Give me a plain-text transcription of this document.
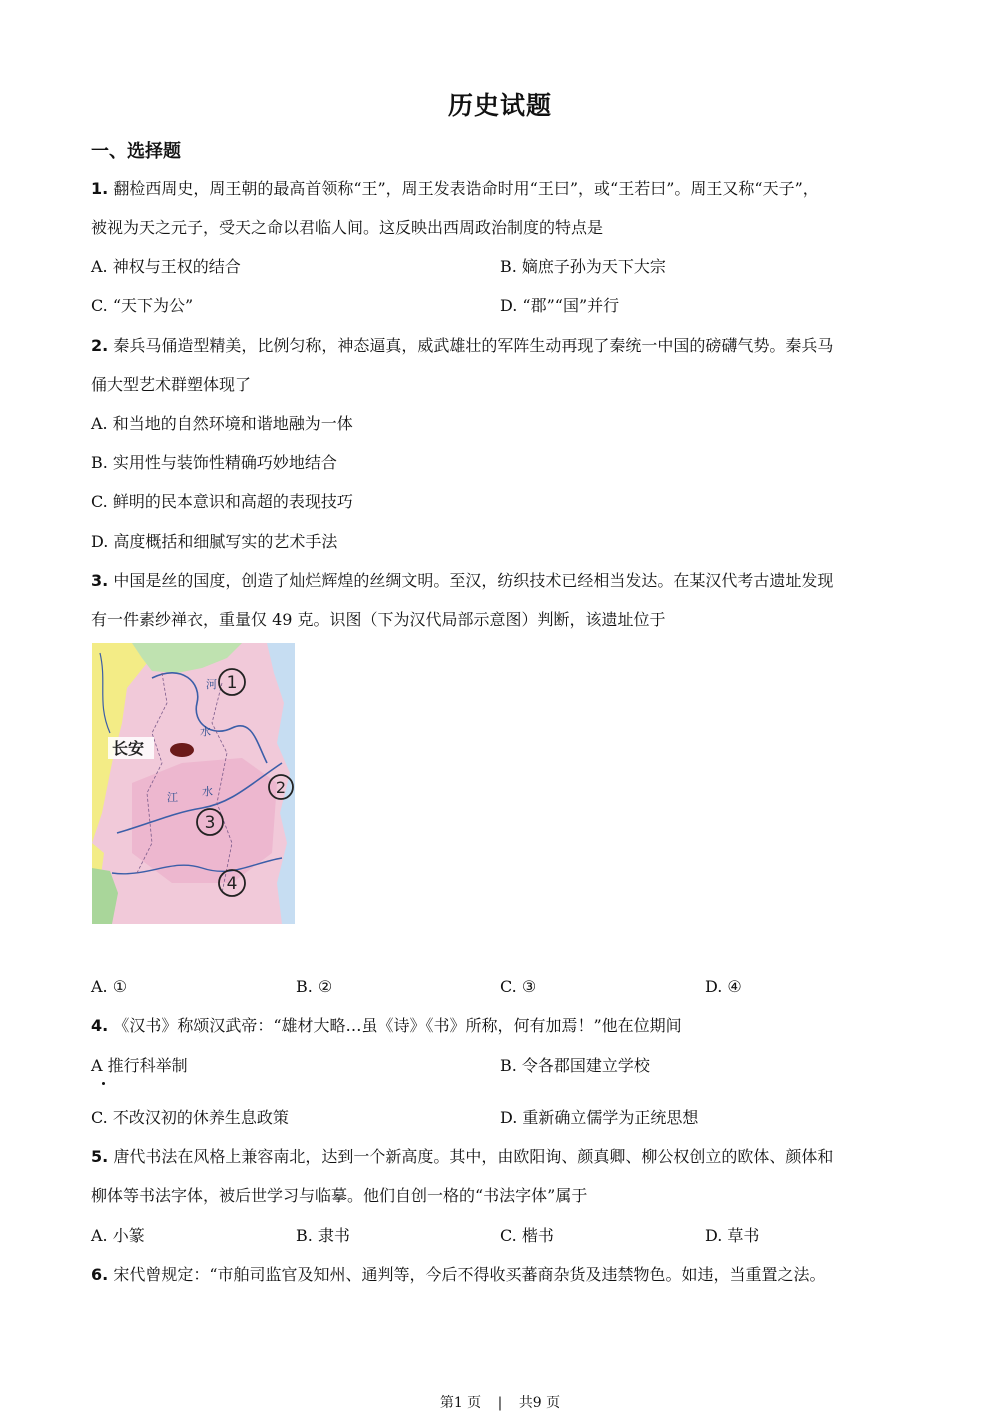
历史试题
一、选择题
1. 翻检西周史，周王朝的最高首领称“王”，周王发表诰命时用“王曰”，或“王若曰”。周王又称“天子”，
被视为天之元子，受天之命以君临人间。这反映出西周政治制度的特点是
A. 神权与王权的结合	B. 嫡庶子孙为天下大宗
C. “天下为公”	D. “郡”“国”并行
2. 秦兵马俑造型精美，比例匀称，神态逼真，威武雄壮的军阵生动再现了秦统一中国的磅礴气势。秦兵马
俑大型艺术群塑体现了
A. 和当地的自然环境和谐地融为一体
B. 实用性与装饰性精确巧妙地结合
C. 鲜明的民本意识和高超的表现技巧
D. 高度概括和细腻写实的艺术手法
3. 中国是丝的国度，创造了灿烂辉煌的丝绸文明。至汉，纺织技术已经相当发达。在某汉代考古遗址发现
有一件素纱禅衣，重量仅 49 克。识图（下为汉代局部示意图）判断，该遗址位于
长安
河
水
江 水
1
2
3
4
A. ①	B. ②	C. ③	D. ④
4. 《汉书》称颂汉武帝：“雄材大略…虽《诗》《书》所称，何有加焉！”他在位期间
A 推行科举制	B. 令各郡国建立学校
C. 不改汉初的休养生息政策	D. 重新确立儒学为正统思想
5. 唐代书法在风格上兼容南北，达到一个新高度。其中，由欧阳询、颜真卿、柳公权创立的欧体、颜体和
柳体等书法字体，被后世学习与临摹。他们自创一格的“书法字体”属于
A. 小篆	B. 隶书	C. 楷书	D. 草书
6. 宋代曾规定：“市舶司监官及知州、通判等，今后不得收买蕃商杂货及违禁物色。如违，当重置之法。
第1 页 | 共9 页
